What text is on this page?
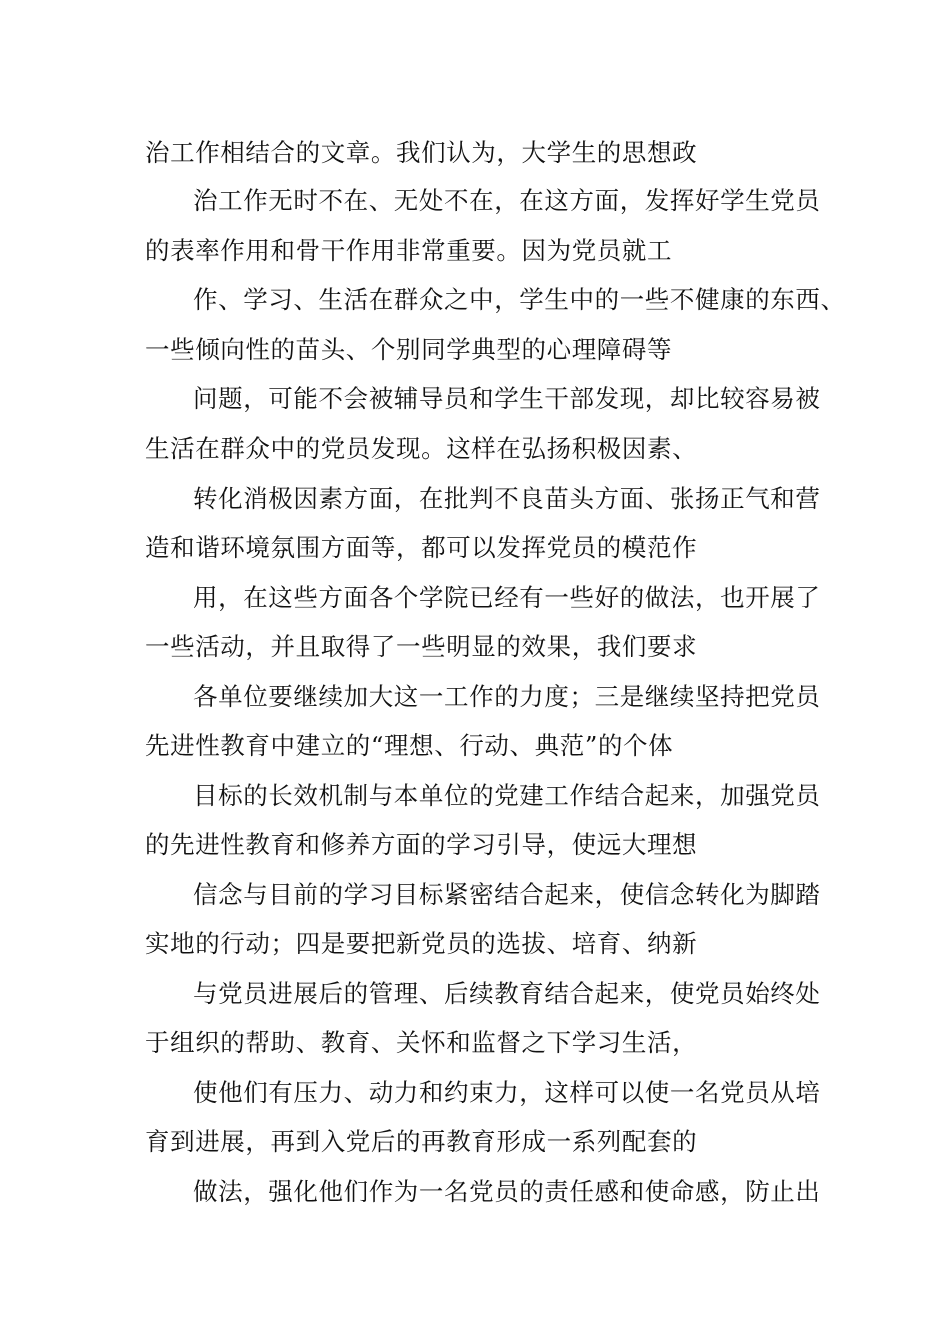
治工作相结合的文章。我们认为，大学生的思想政

治工作无时不在、无处不在，在这方面，发挥好学生党员

的表率作用和骨干作用非常重要。因为党员就工

作、学习、生活在群众之中，学生中的一些不健康的东西、

一些倾向性的苗头、个别同学典型的心理障碍等

问题，可能不会被辅导员和学生干部发现，却比较容易被

生活在群众中的党员发现。这样在弘扬积极因素、

转化消极因素方面，在批判不良苗头方面、张扬正气和营

造和谐环境氛围方面等，都可以发挥党员的模范作

用，在这些方面各个学院已经有一些好的做法，也开展了

一些活动，并且取得了一些明显的效果，我们要求

各单位要继续加大这一工作的力度；三是继续坚持把党员

先进性教育中建立的“理想、行动、典范”的个体

目标的长效机制与本单位的党建工作结合起来，加强党员

的先进性教育和修养方面的学习引导，使远大理想

信念与目前的学习目标紧密结合起来，使信念转化为脚踏

实地的行动；四是要把新党员的选拔、培育、纳新

与党员进展后的管理、后续教育结合起来，使党员始终处

于组织的帮助、教育、关怀和监督之下学习生活，

使他们有压力、动力和约束力，这样可以使一名党员从培

育到进展，再到入党后的再教育形成一系列配套的

做法，强化他们作为一名党员的责任感和使命感，防止出
